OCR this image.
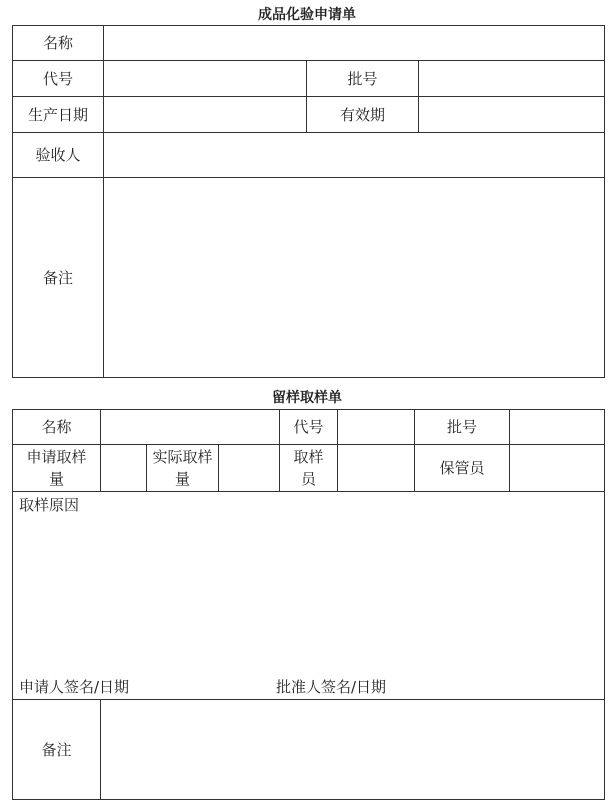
成品化验申请单
名称			
代号		批号	
生产日期		有效期	
验收人			
备注			
留样取样单
名称				代号		批号	
申请取样量		实际取样量		取样员		保管员	

取样原因
申请人签名/日期 批准人签名/日期							

备注							
